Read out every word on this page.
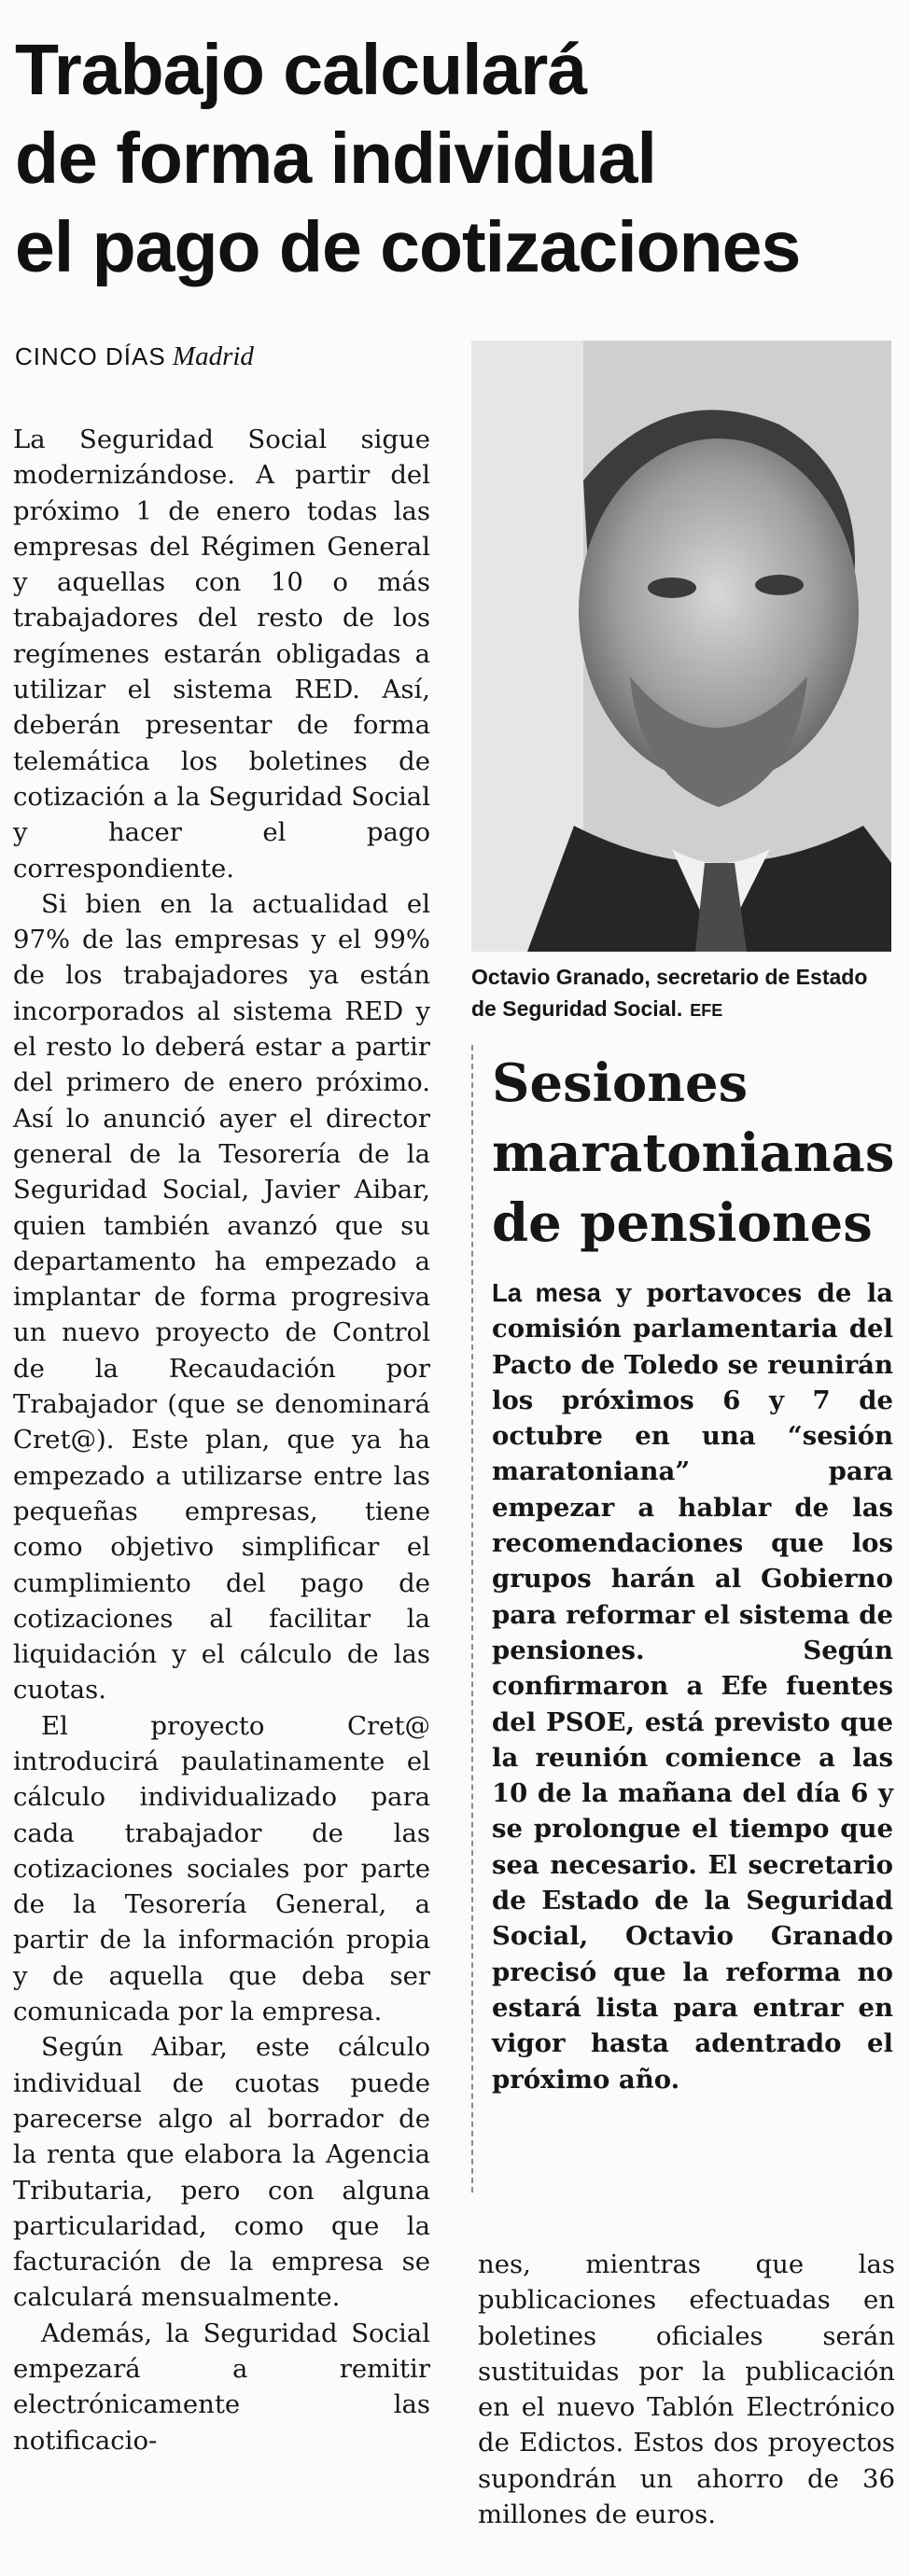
Trabajo calculará
de forma individual
el pago de cotizaciones
CINCO DÍAS Madrid

La Seguridad Social sigue modernizándose. A partir del próximo 1 de enero todas las empresas del Régimen General y aquellas con 10 o más trabajadores del resto de los regímenes estarán obligadas a utilizar el sistema RED. Así, deberán presentar de forma telemática los boletines de cotización a la Seguridad Social y hacer el pago correspondiente.

Si bien en la actualidad el 97% de las empresas y el 99% de los trabajadores ya están incorporados al sistema RED y el resto lo deberá estar a partir del primero de enero próximo. Así lo anunció ayer el director general de la Tesorería de la Seguridad Social, Javier Aibar, quien también avanzó que su departamento ha empezado a implantar de forma progresiva un nuevo proyecto de Control de la Recaudación por Trabajador (que se denominará Cret@). Este plan, que ya ha empezado a utilizarse entre las pequeñas empresas, tiene como objetivo simplificar el cumplimiento del pago de cotizaciones al facilitar la liquidación y el cálculo de las cuotas.

El proyecto Cret@ introducirá paulatinamente el cálculo individualizado para cada trabajador de las cotizaciones sociales por parte de la Tesorería General, a partir de la información propia y de aquella que deba ser comunicada por la empresa.

Según Aibar, este cálculo individual de cuotas puede parecerse algo al borrador de la renta que elabora la Agencia Tributaria, pero con alguna particularidad, como que la facturación de la empresa se calculará mensualmente.

Además, la Seguridad Social empezará a remitir electrónicamente las notificacio-

Octavio Granado, secretario de Estado de Seguridad Social. EFE
Sesiones
maratonianas
de pensiones

La mesa y portavoces de la comisión parlamentaria del Pacto de Toledo se reunirán los próximos 6 y 7 de octubre en una “sesión maratoniana” para empezar a hablar de las recomendaciones que los grupos harán al Gobierno para reformar el sistema de pensiones. Según confirmaron a Efe fuentes del PSOE, está previsto que la reunión comience a las 10 de la mañana del día 6 y se prolongue el tiempo que sea necesario. El secretario de Estado de la Seguridad Social, Octavio Granado precisó que la reforma no estará lista para entrar en vigor hasta adentrado el próximo año.

nes, mientras que las publicaciones efectuadas en boletines oficiales serán sustituidas por la publicación en el nuevo Tablón Electrónico de Edictos. Estos dos proyectos supondrán un ahorro de 36 millones de euros.
